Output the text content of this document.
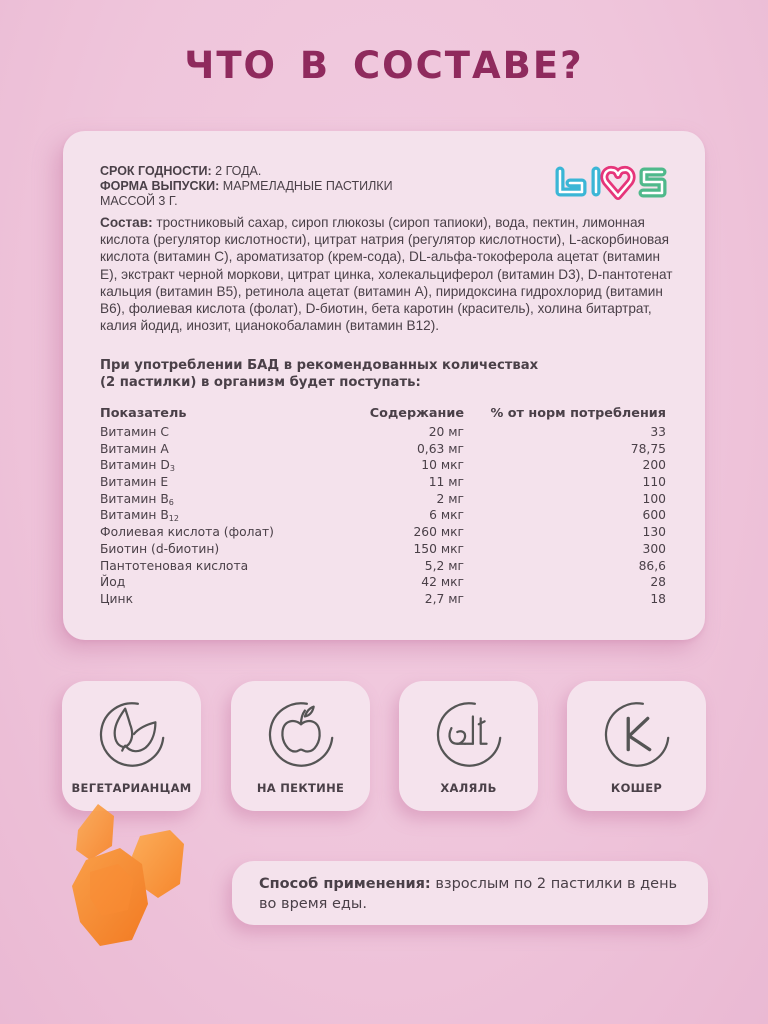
ЧТО В СОСТАВЕ?
СРОК ГОДНОСТИ: 2 ГОДА.
ФОРМА ВЫПУСКИ: МАРМЕЛАДНЫЕ ПАСТИЛКИ
МАССОЙ 3 Г.
Состав: тростниковый сахар, сироп глюкозы (сироп тапиоки), вода, пектин, лимонная кислота (регулятор кислотности), цитрат натрия (регулятор кислотности), L-аскорбиновая кислота (витамин С), ароматизатор (крем-сода), DL-альфа-токоферола ацетат (витамин Е), экстракт черной моркови, цитрат цинка, холекальциферол (витамин D3), D-пантотенат кальция (витамин В5), ретинола ацетат (витамин А), пиридоксина гидрохлорид (витамин В6), фолиевая кислота (фолат), D-биотин, бета каротин (краситель), холина битартрат, калия йодид, инозит, цианокобаламин (витамин В12).
При употреблении БАД в рекомендованных количествах
(2 пастилки) в организм будет поступать:
Показатель	Содержание	% от норм потребления
Витамин C	20 мг	33
Витамин A	0,63 мг	78,75
Витамин $D_3$	10 мкг	200
Витамин E	11 мг	110
Витамин $B_6$	2 мг	100
Витамин $B_{12}$	6 мкг	600
Фолиевая кислота (фолат)	260 мкг	130
Биотин (d-биотин)	150 мкг	300
Пантотеновая кислота	5,2 мг	86,6
Йод	42 мкг	28
Цинк	2,7 мг	18
ВЕГЕТАРИАНЦАМ	НА ПЕКТИНЕ	ХАЛЯЛЬ	КОШЕР
Способ применения: взрослым по 2 пастилки в день во время еды.
